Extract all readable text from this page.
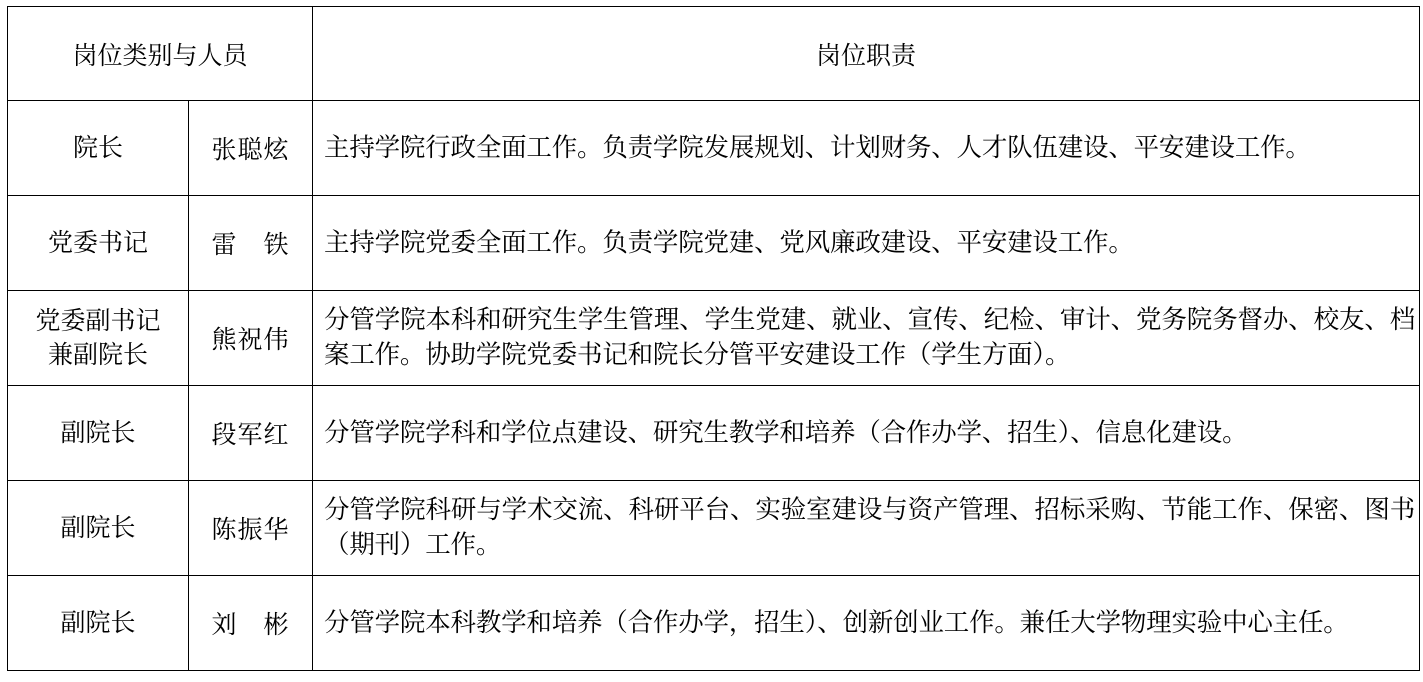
岗位类别与人员		岗位职责
院长	张聪炫	主持学院行政全面工作。负责学院发展规划、计划财务、人才队伍建设、平安建设工作。
党委书记	雷　铁	主持学院党委全面工作。负责学院党建、党风廉政建设、平安建设工作。

党委副书记
兼副院长	熊祝伟	分管学院本科和研究生学生管理、学生党建、就业、宣传、纪检、审计、党务院务督办、校友、档案工作。协助学院党委书记和院长分管平安建设工作（学生方面）。
副院长	段军红	分管学院学科和学位点建设、研究生教学和培养（合作办学、招生）、信息化建设。
副院长	陈振华	分管学院科研与学术交流、科研平台、实验室建设与资产管理、招标采购、节能工作、保密、图书（期刊）工作。
副院长	刘　彬	分管学院本科教学和培养（合作办学，招生）、创新创业工作。兼任大学物理实验中心主任。
